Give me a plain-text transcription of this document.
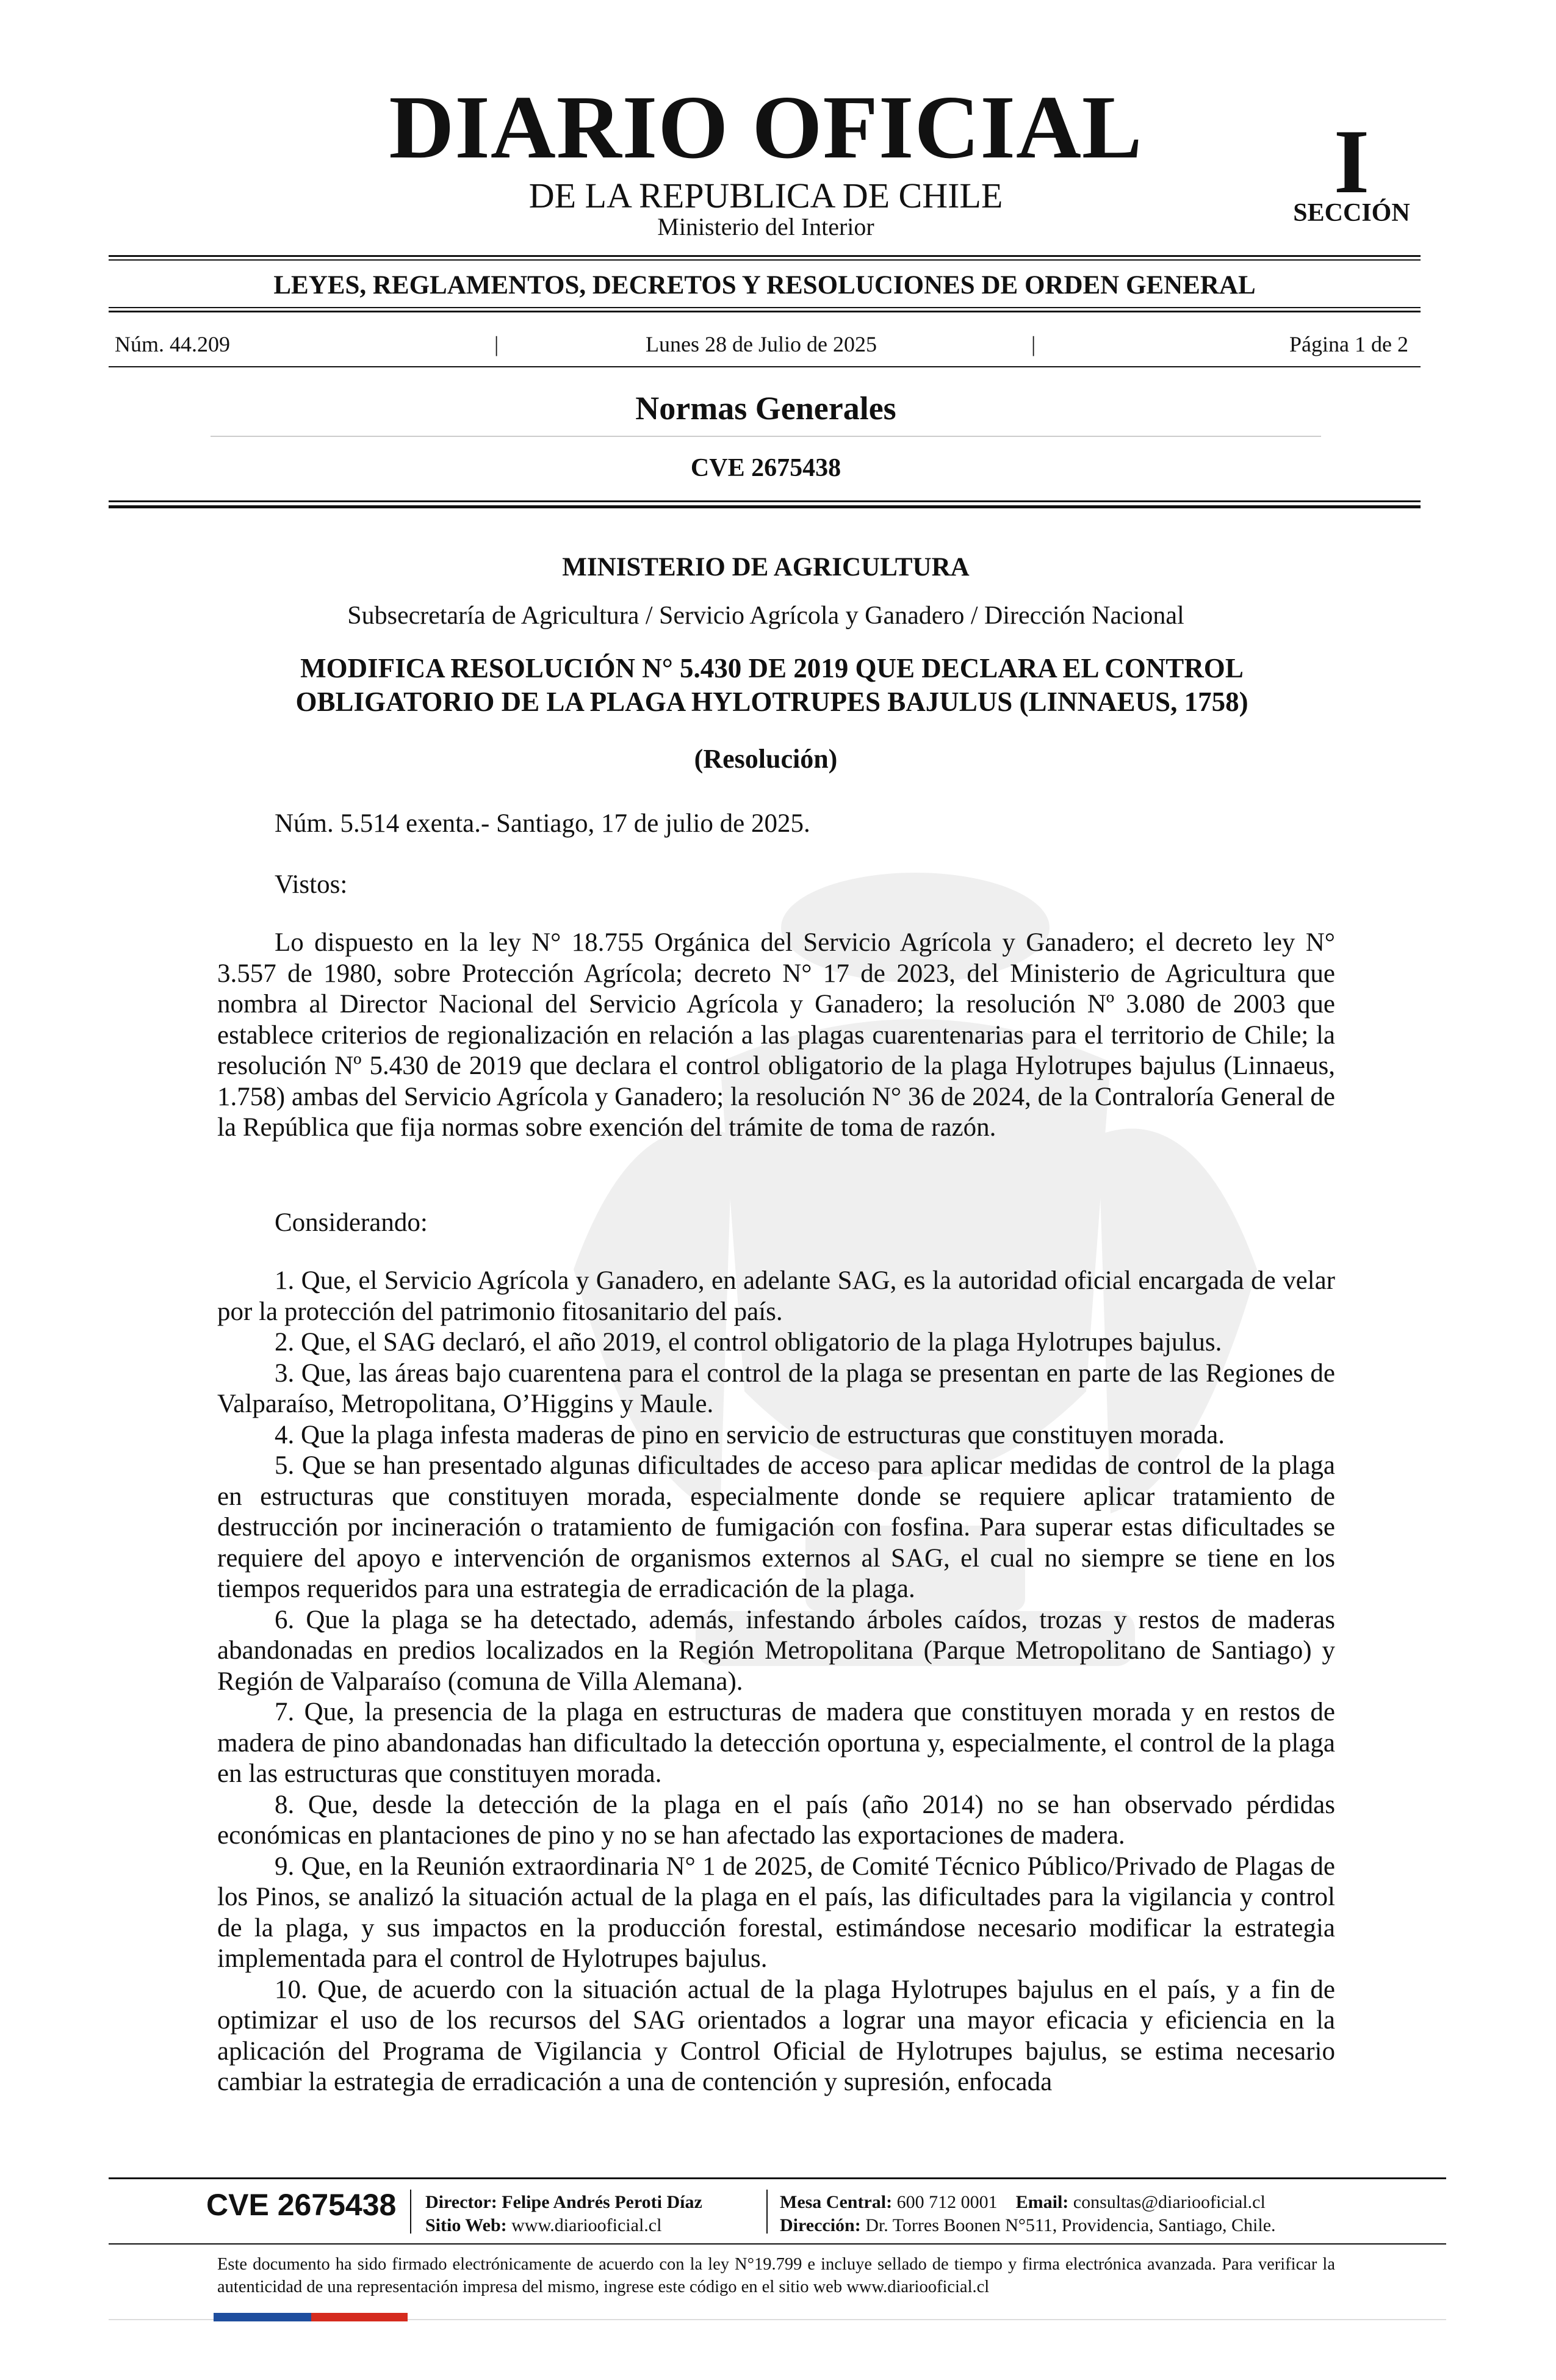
DIARIO OFICIAL
DE LA REPUBLICA DE CHILE
Ministerio del Interior
I
SECCIÓN
LEYES, REGLAMENTOS, DECRETOS Y RESOLUCIONES DE ORDEN GENERAL
Núm. 44.209	|	Lunes 28 de Julio de 2025	|	Página 1 de 2
Normas Generales
CVE 2675438
MINISTERIO DE AGRICULTURA
Subsecretaría de Agricultura / Servicio Agrícola y Ganadero / Dirección Nacional
MODIFICA RESOLUCIÓN N° 5.430 DE 2019 QUE DECLARA EL CONTROL
OBLIGATORIO DE LA PLAGA HYLOTRUPES BAJULUS (LINNAEUS, 1758)
(Resolución)
Núm. 5.514 exenta.- Santiago, 17 de julio de 2025.
Vistos:
Lo dispuesto en la ley N° 18.755 Orgánica del Servicio Agrícola y Ganadero; el decreto ley N° 3.557 de 1980, sobre Protección Agrícola; decreto N° 17 de 2023, del Ministerio de Agricultura que nombra al Director Nacional del Servicio Agrícola y Ganadero; la resolución Nº 3.080 de 2003 que establece criterios de regionalización en relación a las plagas cuarentenarias para el territorio de Chile; la resolución Nº 5.430 de 2019 que declara el control obligatorio de la plaga Hylotrupes bajulus (Linnaeus, 1.758) ambas del Servicio Agrícola y Ganadero; la resolución N° 36 de 2024, de la Contraloría General de la República que fija normas sobre exención del trámite de toma de razón.
Considerando:
1. Que, el Servicio Agrícola y Ganadero, en adelante SAG, es la autoridad oficial encargada de velar por la protección del patrimonio fitosanitario del país.
2. Que, el SAG declaró, el año 2019, el control obligatorio de la plaga Hylotrupes bajulus.
3. Que, las áreas bajo cuarentena para el control de la plaga se presentan en parte de las Regiones de Valparaíso, Metropolitana, O’Higgins y Maule.
4. Que la plaga infesta maderas de pino en servicio de estructuras que constituyen morada.
5. Que se han presentado algunas dificultades de acceso para aplicar medidas de control de la plaga en estructuras que constituyen morada, especialmente donde se requiere aplicar tratamiento de destrucción por incineración o tratamiento de fumigación con fosfina. Para superar estas dificultades se requiere del apoyo e intervención de organismos externos al SAG, el cual no siempre se tiene en los tiempos requeridos para una estrategia de erradicación de la plaga.
6. Que la plaga se ha detectado, además, infestando árboles caídos, trozas y restos de maderas abandonadas en predios localizados en la Región Metropolitana (Parque Metropolitano de Santiago) y Región de Valparaíso (comuna de Villa Alemana).
7. Que, la presencia de la plaga en estructuras de madera que constituyen morada y en restos de madera de pino abandonadas han dificultado la detección oportuna y, especialmente, el control de la plaga en las estructuras que constituyen morada.
8. Que, desde la detección de la plaga en el país (año 2014) no se han observado pérdidas económicas en plantaciones de pino y no se han afectado las exportaciones de madera.
9. Que, en la Reunión extraordinaria N° 1 de 2025, de Comité Técnico Público/Privado de Plagas de los Pinos, se analizó la situación actual de la plaga en el país, las dificultades para la vigilancia y control de la plaga, y sus impactos en la producción forestal, estimándose necesario modificar la estrategia implementada para el control de Hylotrupes bajulus.
10. Que, de acuerdo con la situación actual de la plaga Hylotrupes bajulus en el país, y a fin de optimizar el uso de los recursos del SAG orientados a lograr una mayor eficacia y eficiencia en la aplicación del Programa de Vigilancia y Control Oficial de Hylotrupes bajulus, se estima necesario cambiar la estrategia de erradicación a una de contención y supresión, enfocada
CVE 2675438 Director: Felipe Andrés Peroti Díaz
Sitio Web: www.diariooficial.cl
Mesa Central: 600 712 0001 Email: consultas@diariooficial.cl
Dirección: Dr. Torres Boonen N°511, Providencia, Santiago, Chile.
Este documento ha sido firmado electrónicamente de acuerdo con la ley N°19.799 e incluye sellado de tiempo y firma electrónica avanzada. Para verificar la autenticidad de una representación impresa del mismo, ingrese este código en el sitio web www.diariooficial.cl
